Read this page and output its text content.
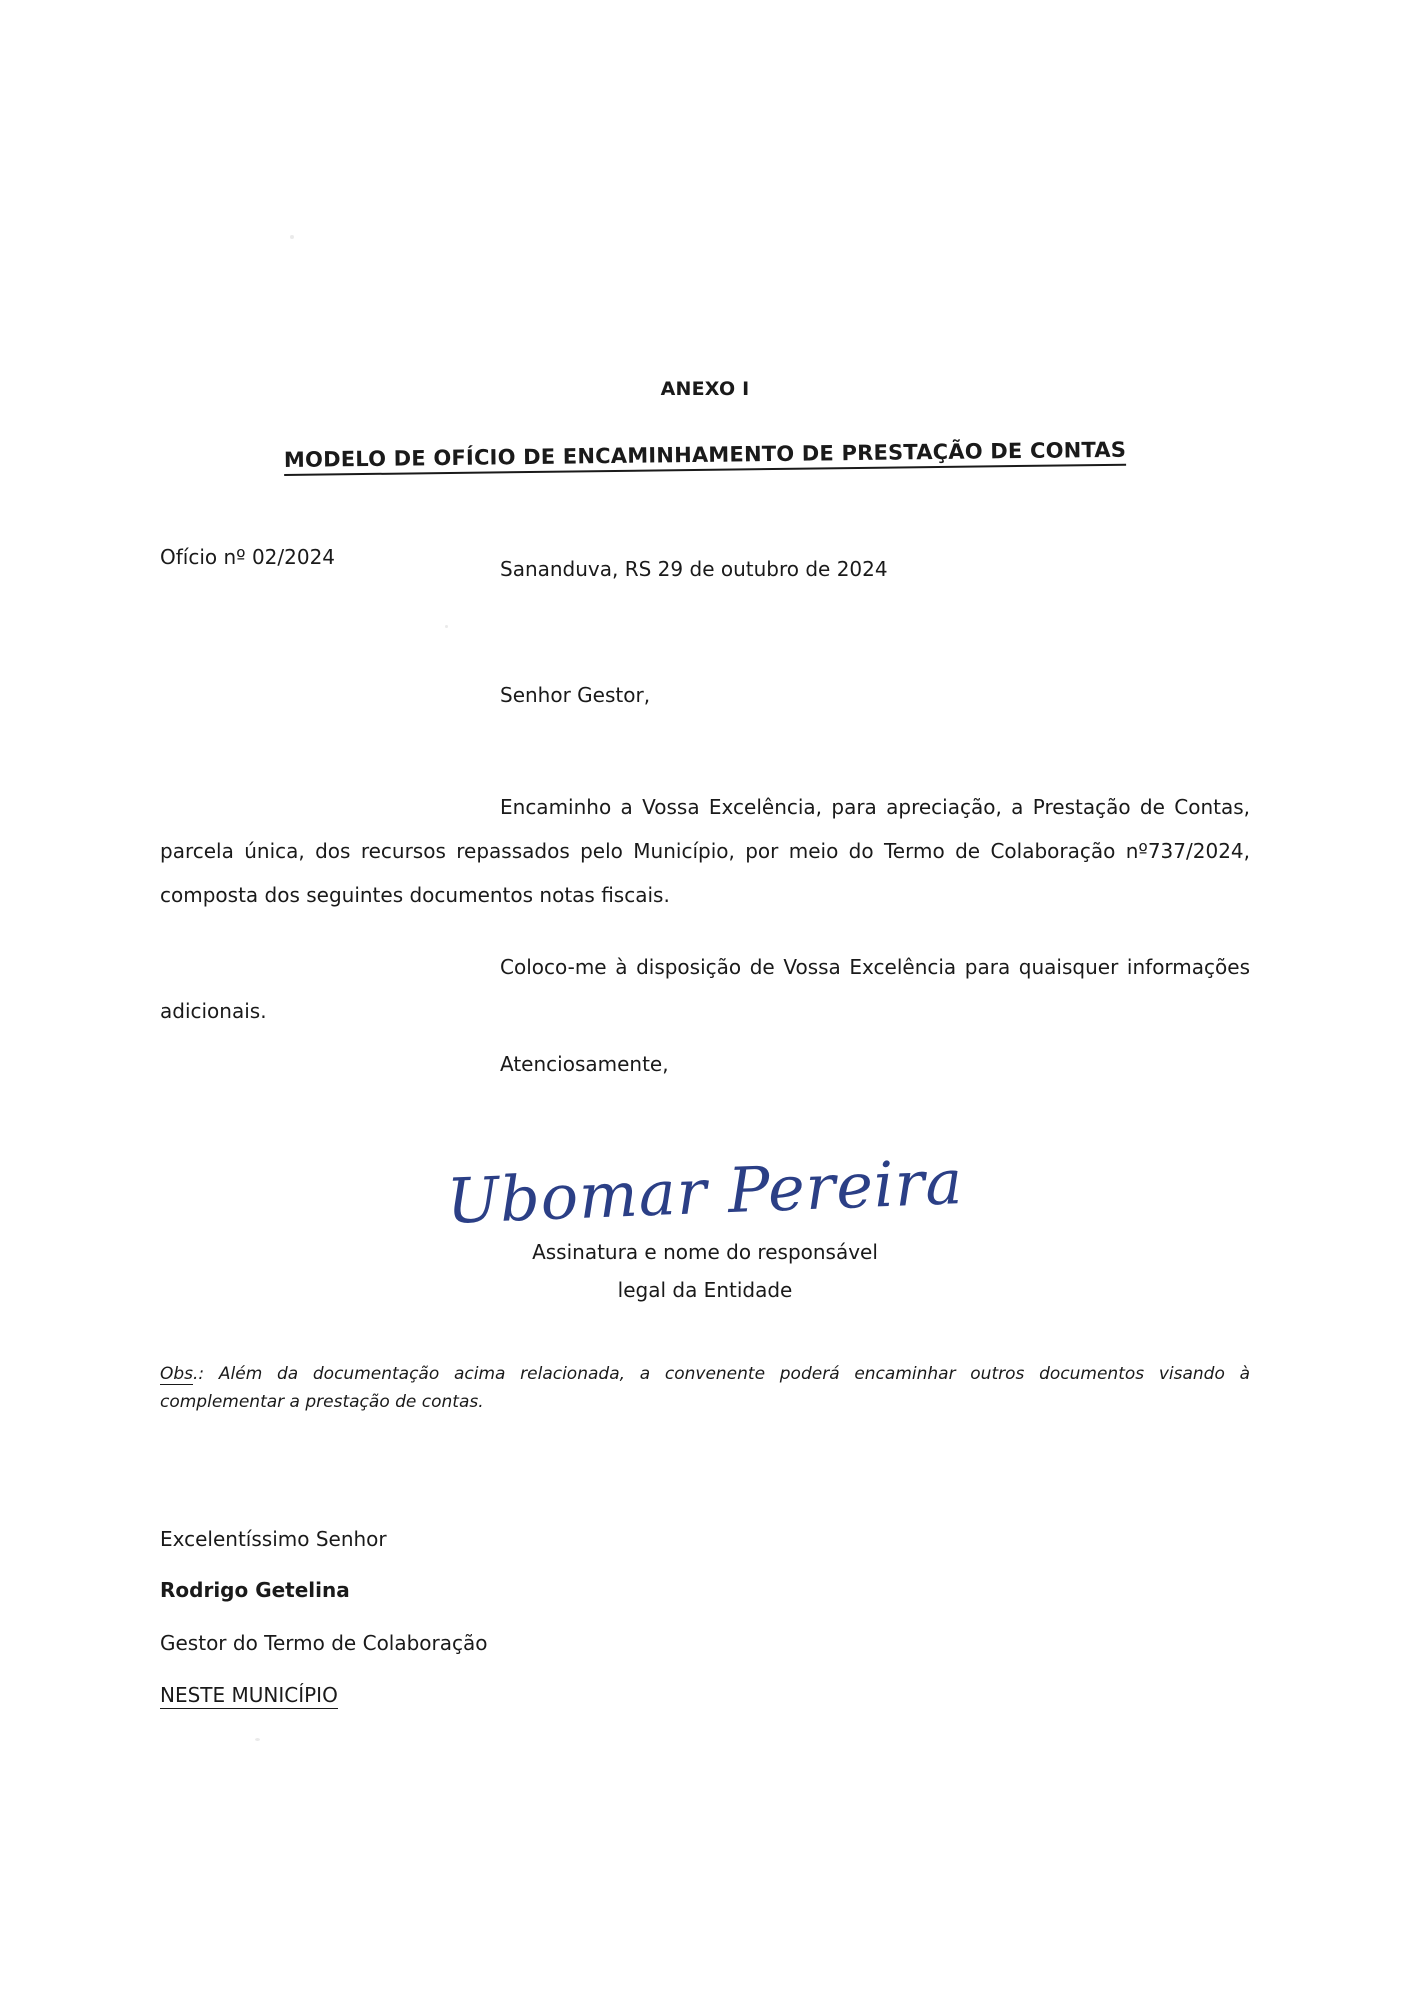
ANEXO I
MODELO DE OFÍCIO DE ENCAMINHAMENTO DE PRESTAÇÃO DE CONTAS
Ofício nº 02/2024	Sananduva, RS 29 de outubro de 2024
Senhor Gestor,
Encaminho a Vossa Excelência, para apreciação, a Prestação de Contas, parcela única, dos recursos repassados pelo Município, por meio do Termo de Colaboração nº737/2024, composta dos seguintes documentos notas fiscais.
Coloco-me à disposição de Vossa Excelência para quaisquer informações adicionais.
Atenciosamente,
Ubomar Pereira
Assinatura e nome do responsável
legal da Entidade
Obs.: Além da documentação acima relacionada, a convenente poderá encaminhar outros documentos visando à complementar a prestação de contas.
Excelentíssimo Senhor
Rodrigo Getelina
Gestor do Termo de Colaboração
NESTE MUNICÍPIO
